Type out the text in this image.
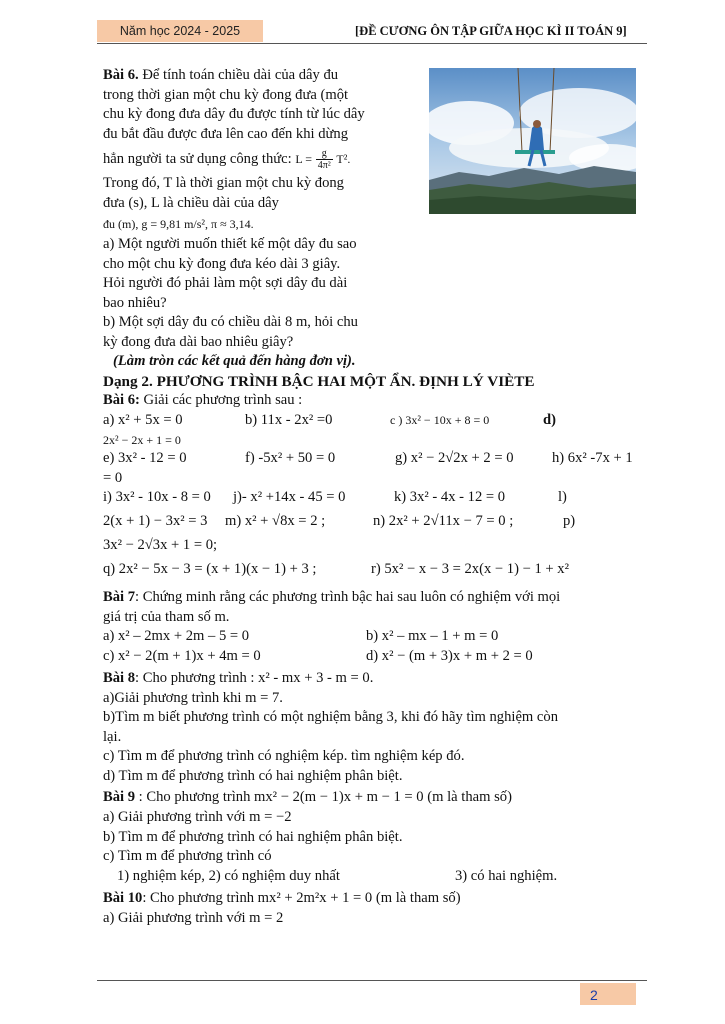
Năm học 2024 - 2025	[ĐỀ CƯƠNG ÔN TẬP GIỮA HỌC KÌ II TOÁN 9]
Bài 6. Để tính toán chiều dài của dây đu
trong thời gian một chu kỳ đong đưa (một
chu kỳ đong đưa dây đu được tính từ lúc dây
đu bắt đầu được đưa lên cao đến khi dừng
hẳn người ta sử dụng công thức: $L = \frac{g}{\text{4π²}} T^2$.
Trong đó, T là thời gian một chu kỳ đong
đưa (s), L là chiều dài của dây
đu (m), g = 9,81 m/s², π ≈ 3,14.
a) Một người muốn thiết kế một dây đu sao
cho một chu kỳ đong đưa kéo dài 3 giây.
Hỏi người đó phải làm một sợi dây đu dài
bao nhiêu?
b) Một sợi dây đu có chiều dài 8 m, hỏi chu
kỳ đong đưa dài bao nhiêu giây?
(Làm tròn các kết quả đến hàng đơn vị).
Dạng 2. PHƯƠNG TRÌNH BẬC HAI MỘT ẨN. ĐỊNH LÝ VIÈTE
Bài 6: Giải các phương trình sau :
a) x² + 5x = 0	b) 11x - 2x² =0	c ) 3x² − 10x + 8 = 0	d)
2x² − 2x + 1 = 0
e) 3x² - 12 = 0	f) -5x² + 50 = 0	g) x² − 2√2x + 2 = 0	h) 6x² -7x + 1
= 0
i) 3x² - 10x - 8 = 0 j)- x² +14x - 45 = 0	k) 3x² - 4x - 12 = 0	l)
2(x + 1) − 3x² = 3 m) x² + √8x = 2 ;	n) 2x² + 2√11x − 7 = 0 ;	p)
3x² − 2√3x + 1 = 0;
q) 2x² − 5x − 3 = (x + 1)(x − 1) + 3 ;	r) 5x² − x − 3 = 2x(x − 1) − 1 + x²
Bài 7: Chứng minh rằng các phương trình bậc hai sau luôn có nghiệm với mọi
giá trị của tham số m.
a) x² – 2mx + 2m – 5 = 0	b) x² – mx – 1 + m = 0
c) x² − 2(m + 1)x + 4m = 0	d) x² − (m + 3)x + m + 2 = 0
Bài 8: Cho phương trình : x² - mx + 3 - m = 0.
a)Giải phương trình khi m = 7.
b)Tìm m biết phương trình có một nghiệm bằng 3, khi đó hãy tìm nghiệm còn
lại.
c) Tìm m để phương trình có nghiệm kép. tìm nghiệm kép đó.
d) Tìm m để phương trình có hai nghiệm phân biệt.
Bài 9 : Cho phương trình mx² − 2(m − 1)x + m − 1 = 0 (m là tham số)
a) Giải phương trình với m = −2
b) Tìm m để phương trình có hai nghiệm phân biệt.
c) Tìm m để phương trình có
1) nghiệm kép, 2) có nghiệm duy nhất	3) có hai nghiệm.
Bài 10: Cho phương trình mx² + 2m²x + 1 = 0 (m là tham số)
a) Giải phương trình với m = 2
2
